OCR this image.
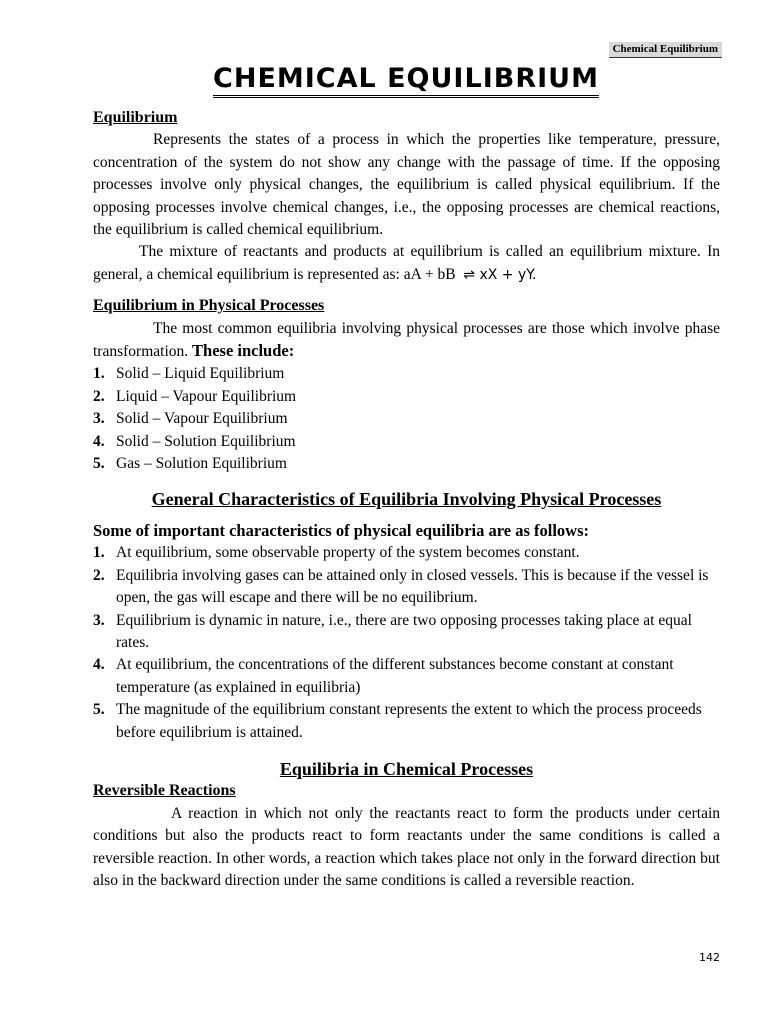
Chemical Equilibrium
CHEMICAL EQUILIBRIUM

Equilibrium

Represents the states of a process in which the properties like temperature, pressure, concentration of the system do not show any change with the passage of time. If the opposing processes involve only physical changes, the equilibrium is called physical equilibrium. If the opposing processes involve chemical changes, i.e., the opposing processes are chemical reactions, the equilibrium is called chemical equilibrium.

The mixture of reactants and products at equilibrium is called an equilibrium mixture. In general, a chemical equilibrium is represented as: aA + bB ⇌ xX + yY.

Equilibrium in Physical Processes

The most common equilibria involving physical processes are those which involve phase transformation. These include:

1. Solid – Liquid Equilibrium
2. Liquid – Vapour Equilibrium
3. Solid – Vapour Equilibrium
4. Solid – Solution Equilibrium
5. Gas – Solution Equilibrium

General Characteristics of Equilibria Involving Physical Processes

Some of important characteristics of physical equilibria are as follows:

1. At equilibrium, some observable property of the system becomes constant.
2. Equilibria involving gases can be attained only in closed vessels. This is because if the vessel is open, the gas will escape and there will be no equilibrium.
3. Equilibrium is dynamic in nature, i.e., there are two opposing processes taking place at equal rates.
4. At equilibrium, the concentrations of the different substances become constant at constant temperature (as explained in equilibria)
5. The magnitude of the equilibrium constant represents the extent to which the process proceeds before equilibrium is attained.

Equilibria in Chemical Processes

Reversible Reactions

A reaction in which not only the reactants react to form the products under certain conditions but also the products react to form reactants under the same conditions is called a reversible reaction. In other words, a reaction which takes place not only in the forward direction but also in the backward direction under the same conditions is called a reversible reaction.

142
